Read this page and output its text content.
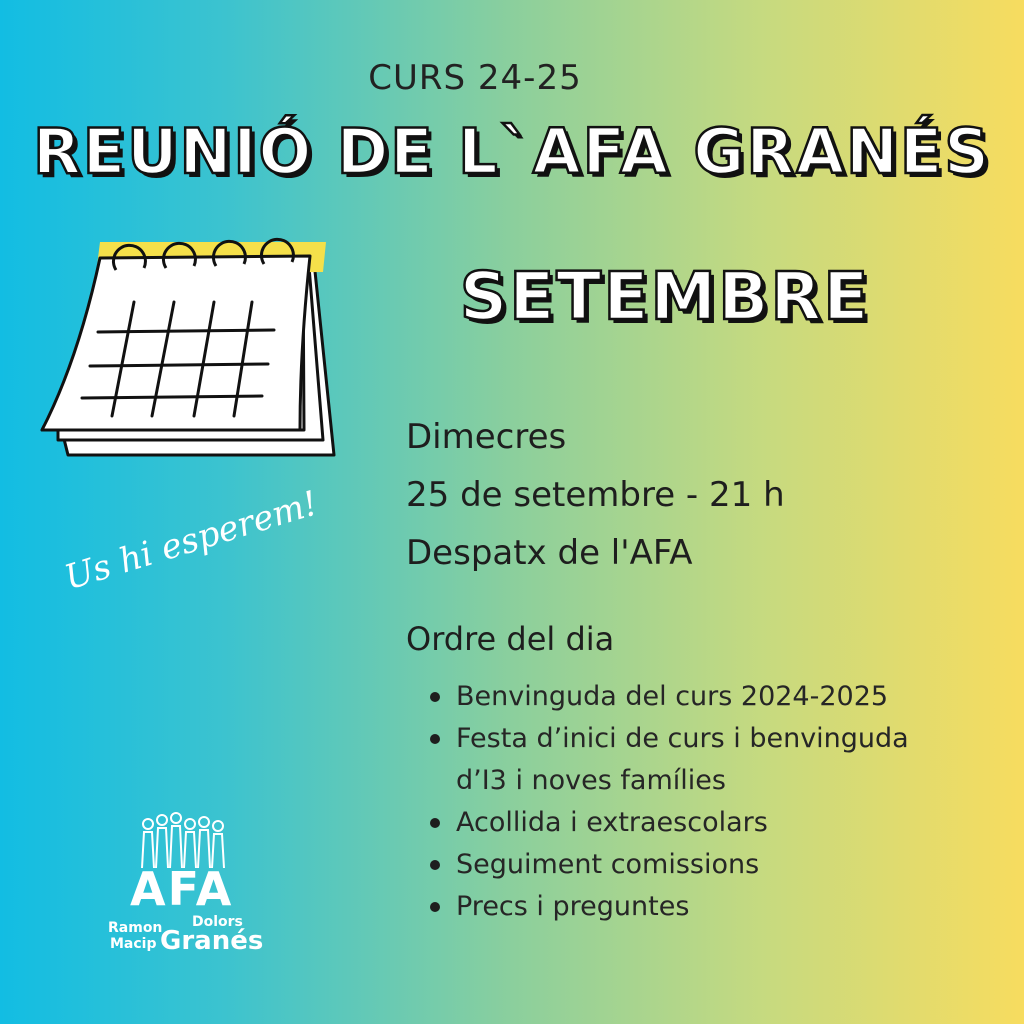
CURS 24-25
REUNIÓ DE L`AFA GRANÉS
SETEMBRE
Dimecres
25 de setembre - 21 h
Despatx de l'AFA
Us hi esperem!
Ordre del dia
Benvinguda del curs 2024-2025
Festa d’inici de curs i benvinguda
d’I3 i noves famílies
Acollida i extraescolars
Seguiment comissions
Precs i preguntes
AFA
Ramon
Macip
Dolors
Granés
